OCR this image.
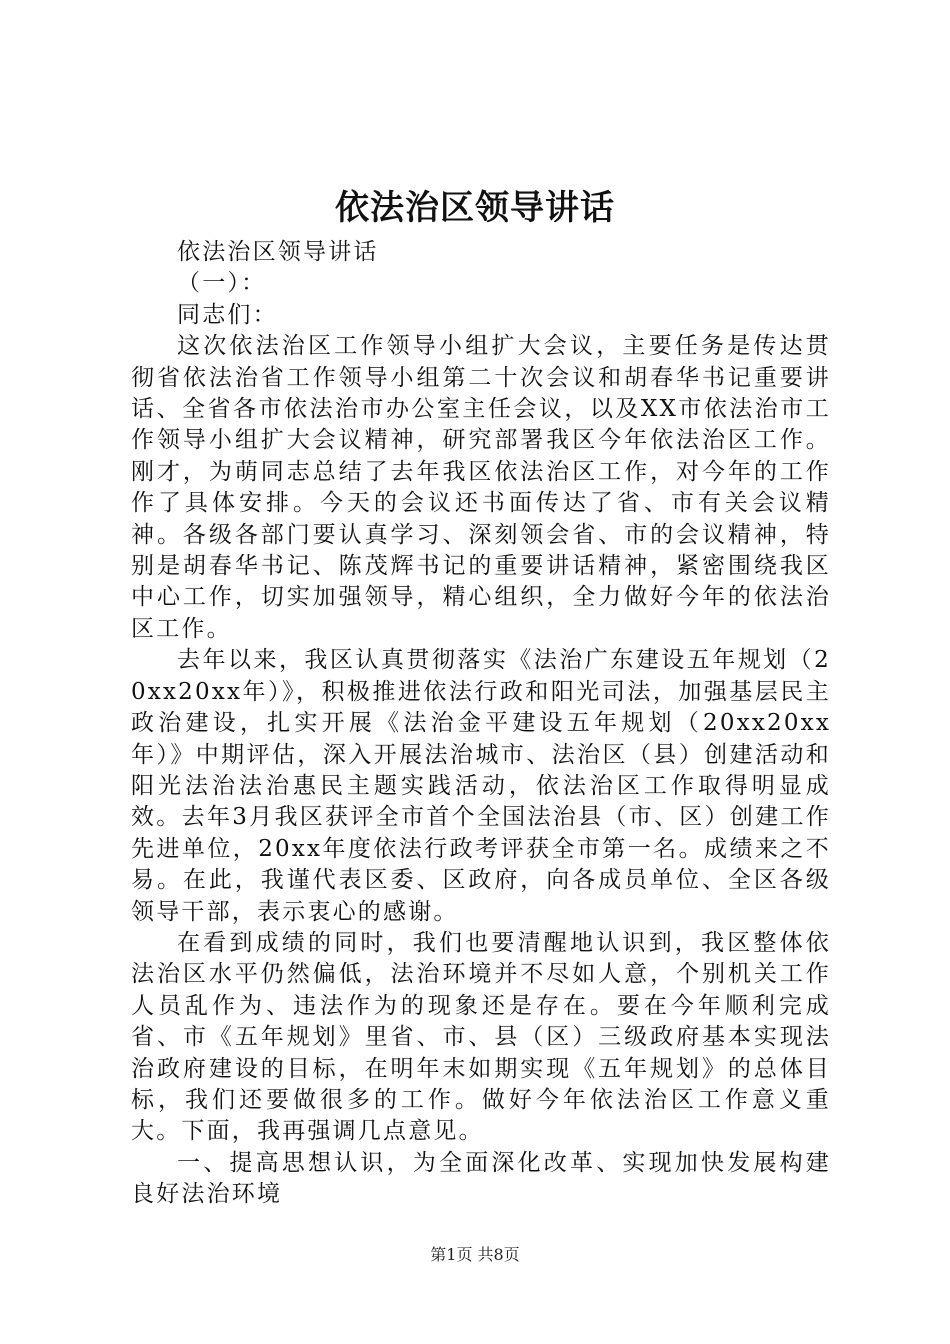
依法治区领导讲话

依法治区领导讲话

（一）：

同志们：

这次依法治区工作领导小组扩大会议，主要任务是传达贯彻省依法治省工作领导小组第二十次会议和胡春华书记重要讲话、全省各市依法治市办公室主任会议，以及XX市依法治市工作领导小组扩大会议精神，研究部署我区今年依法治区工作。刚才，为萌同志总结了去年我区依法治区工作，对今年的工作作了具体安排。今天的会议还书面传达了省、市有关会议精神。各级各部门要认真学习、深刻领会省、市的会议精神，特别是胡春华书记、陈茂辉书记的重要讲话精神，紧密围绕我区中心工作，切实加强领导，精心组织，全力做好今年的依法治区工作。

去年以来，我区认真贯彻落实《法治广东建设五年规划（20xx20xx年）》，积极推进依法行政和阳光司法，加强基层民主政治建设，扎实开展《法治金平建设五年规划（20xx20xx年）》中期评估，深入开展法治城市、法治区（县）创建活动和阳光法治法治惠民主题实践活动，依法治区工作取得明显成效。去年3月我区获评全市首个全国法治县（市、区）创建工作先进单位，20xx年度依法行政考评获全市第一名。成绩来之不易。在此，我谨代表区委、区政府，向各成员单位、全区各级领导干部，表示衷心的感谢。

在看到成绩的同时，我们也要清醒地认识到，我区整体依法治区水平仍然偏低，法治环境并不尽如人意，个别机关工作人员乱作为、违法作为的现象还是存在。要在今年顺利完成省、市《五年规划》里省、市、县（区）三级政府基本实现法治政府建设的目标，在明年末如期实现《五年规划》的总体目标，我们还要做很多的工作。做好今年依法治区工作意义重大。下面，我再强调几点意见。

一、提高思想认识，为全面深化改革、实现加快发展构建良好法治环境

第1页 共8页
